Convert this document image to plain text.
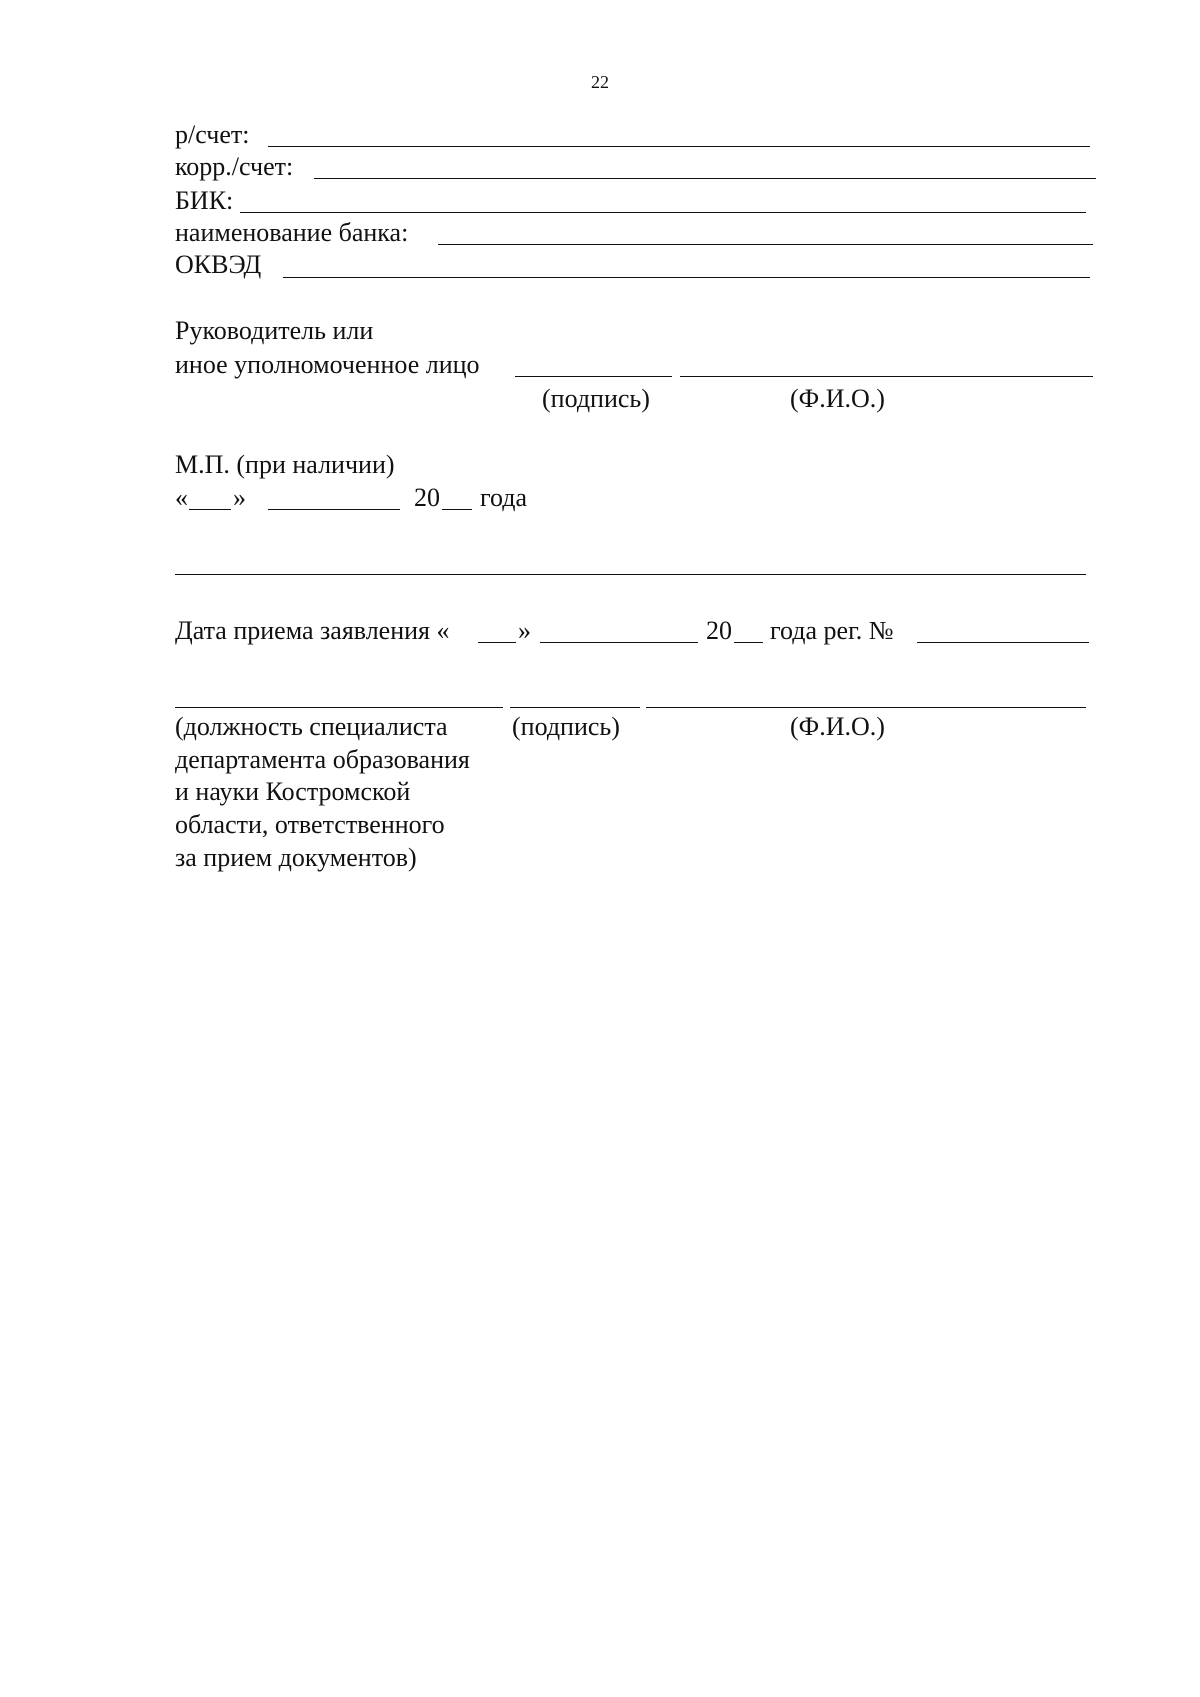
22
р/счет:
корр./счет:
БИК:
наименование банка:
ОКВЭД
Руководитель или
иное уполномоченное лицо
(подпись)	(Ф.И.О.)
М.П. (при наличии)
« »	20 года
Дата приема заявления «	»	20 года рег. №
(должность специалиста
департамента образования
и науки Костромской
области, ответственного
за прием документов)
(подпись)	(Ф.И.О.)
